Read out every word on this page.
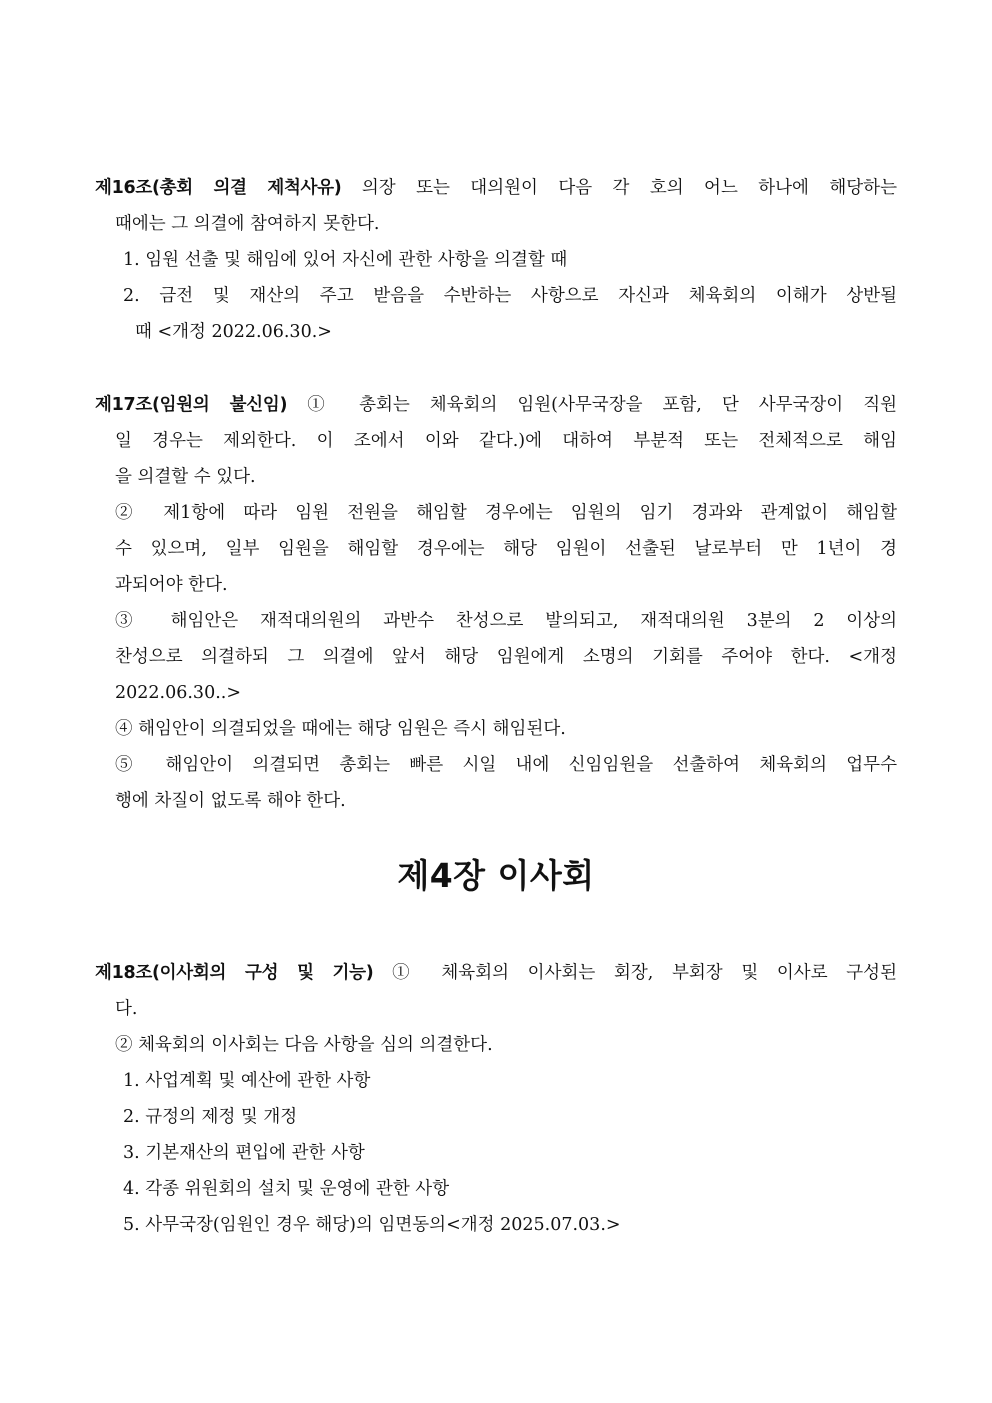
제16조(총회 의결 제척사유) 의장 또는 대의원이 다음 각 호의 어느 하나에 해당하는
때에는 그 의결에 참여하지 못한다.
1. 임원 선출 및 해임에 있어 자신에 관한 사항을 의결할 때
2. 금전 및 재산의 주고 받음을 수반하는 사항으로 자신과 체육회의 이해가 상반될
때 <개정 2022.06.30.>
제17조(임원의 불신임) ① 총회는 체육회의 임원(사무국장을 포함, 단 사무국장이 직원
일 경우는 제외한다. 이 조에서 이와 같다.)에 대하여 부분적 또는 전체적으로 해임
을 의결할 수 있다.
② 제1항에 따라 임원 전원을 해임할 경우에는 임원의 임기 경과와 관계없이 해임할
수 있으며, 일부 임원을 해임할 경우에는 해당 임원이 선출된 날로부터 만 1년이 경
과되어야 한다.
③ 해임안은 재적대의원의 과반수 찬성으로 발의되고, 재적대의원 3분의 2 이상의
찬성으로 의결하되 그 의결에 앞서 해당 임원에게 소명의 기회를 주어야 한다. <개정
2022.06.30..>
④ 해임안이 의결되었을 때에는 해당 임원은 즉시 해임된다.
⑤ 해임안이 의결되면 총회는 빠른 시일 내에 신임임원을 선출하여 체육회의 업무수
행에 차질이 없도록 해야 한다.
제4장 이사회
제18조(이사회의 구성 및 기능) ① 체육회의 이사회는 회장, 부회장 및 이사로 구성된
다.
② 체육회의 이사회는 다음 사항을 심의 의결한다.
1. 사업계획 및 예산에 관한 사항
2. 규정의 제정 및 개정
3. 기본재산의 편입에 관한 사항
4. 각종 위원회의 설치 및 운영에 관한 사항
5. 사무국장(임원인 경우 해당)의 임면동의<개정 2025.07.03.>
